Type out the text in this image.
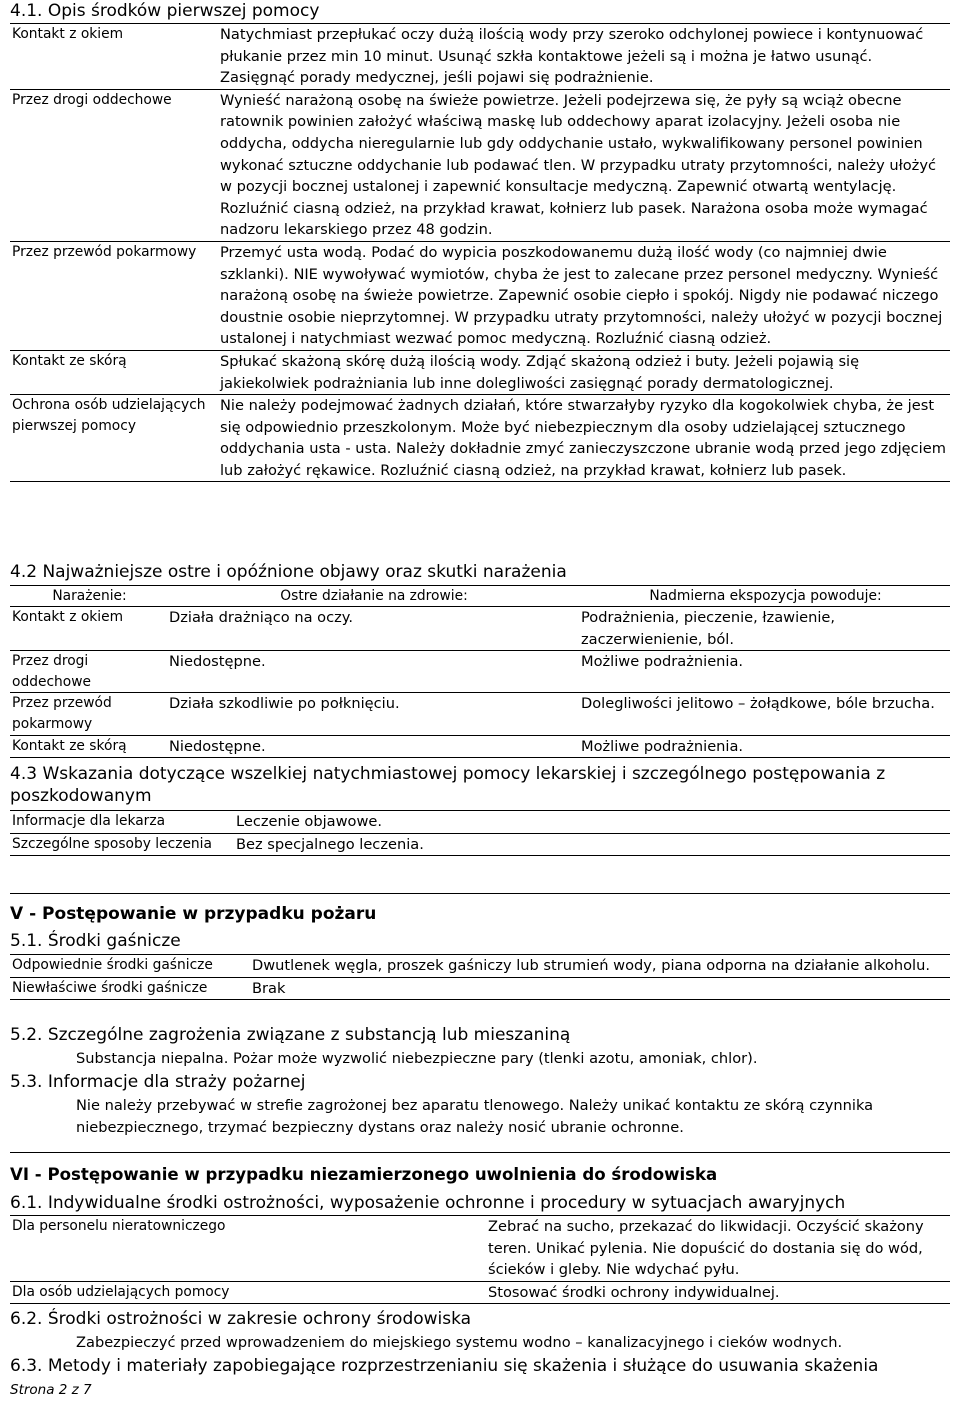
4.1. Opis środków pierwszej pomocy
Kontakt z okiem	Natychmiast przepłukać oczy dużą ilością wody przy szeroko odchylonej powiece i kontynuować płukanie przez min 10 minut. Usunąć szkła kontaktowe jeżeli są i można je łatwo usunąć. Zasięgnąć porady medycznej, jeśli pojawi się podrażnienie.
Przez drogi oddechowe	Wynieść narażoną osobę na świeże powietrze. Jeżeli podejrzewa się, że pyły są wciąż obecne ratownik powinien założyć właściwą maskę lub oddechowy aparat izolacyjny. Jeżeli osoba nie oddycha, oddycha nieregularnie lub gdy oddychanie ustało, wykwalifikowany personel powinien wykonać sztuczne oddychanie lub podawać tlen. W przypadku utraty przytomności, należy ułożyć w pozycji bocznej ustalonej i zapewnić konsultacje medyczną. Zapewnić otwartą wentylację. Rozluźnić ciasną odzież, na przykład krawat, kołnierz lub pasek. Narażona osoba może wymagać nadzoru lekarskiego przez 48 godzin.
Przez przewód pokarmowy	Przemyć usta wodą. Podać do wypicia poszkodowanemu dużą ilość wody (co najmniej dwie szklanki). NIE wywoływać wymiotów, chyba że jest to zalecane przez personel medyczny. Wynieść narażoną osobę na świeże powietrze. Zapewnić osobie ciepło i spokój. Nigdy nie podawać niczego doustnie osobie nieprzytomnej. W przypadku utraty przytomności, należy ułożyć w pozycji bocznej ustalonej i natychmiast wezwać pomoc medyczną. Rozluźnić ciasną odzież.
Kontakt ze skórą	Spłukać skażoną skórę dużą ilością wody. Zdjąć skażoną odzież i buty. Jeżeli pojawią się jakiekolwiek podrażniania lub inne dolegliwości zasięgnąć porady dermatologicznej.
Ochrona osób udzielających pierwszej pomocy	Nie należy podejmować żadnych działań, które stwarzałyby ryzyko dla kogokolwiek chyba, że jest się odpowiednio przeszkolonym. Może być niebezpiecznym dla osoby udzielającej sztucznego oddychania usta - usta. Należy dokładnie zmyć zanieczyszczone ubranie wodą przed jego zdjęciem lub założyć rękawice. Rozluźnić ciasną odzież, na przykład krawat, kołnierz lub pasek.
4.2 Najważniejsze ostre i opóźnione objawy oraz skutki narażenia
Narażenie:	Ostre działanie na zdrowie:	Nadmierna ekspozycja powoduje:
Kontakt z okiem	Działa drażniąco na oczy.	Podrażnienia, pieczenie, łzawienie, zaczerwienienie, ból.
Przez drogi oddechowe	Niedostępne.	Możliwe podrażnienia.
Przez przewód pokarmowy	Działa szkodliwie po połknięciu.	Dolegliwości jelitowo – żołądkowe, bóle brzucha.
Kontakt ze skórą	Niedostępne.	Możliwe podrażnienia.
4.3 Wskazania dotyczące wszelkiej natychmiastowej pomocy lekarskiej i szczególnego postępowania z poszkodowanym
Informacje dla lekarza	Leczenie objawowe.
Szczególne sposoby leczenia	Bez specjalnego leczenia.
V - Postępowanie w przypadku pożaru
5.1. Środki gaśnicze
Odpowiednie środki gaśnicze	Dwutlenek węgla, proszek gaśniczy lub strumień wody, piana odporna na działanie alkoholu.
Niewłaściwe środki gaśnicze	Brak
5.2. Szczególne zagrożenia związane z substancją lub mieszaniną
Substancja niepalna. Pożar może wyzwolić niebezpieczne pary (tlenki azotu, amoniak, chlor).
5.3. Informacje dla straży pożarnej
Nie należy przebywać w strefie zagrożonej bez aparatu tlenowego. Należy unikać kontaktu ze skórą czynnika niebezpiecznego, trzymać bezpieczny dystans oraz należy nosić ubranie ochronne.
VI - Postępowanie w przypadku niezamierzonego uwolnienia do środowiska
6.1. Indywidualne środki ostrożności, wyposażenie ochronne i procedury w sytuacjach awaryjnych
Dla personelu nieratowniczego	Zebrać na sucho, przekazać do likwidacji. Oczyścić skażony teren. Unikać pylenia. Nie dopuścić do dostania się do wód, ścieków i gleby. Nie wdychać pyłu.
Dla osób udzielających pomocy	Stosować środki ochrony indywidualnej.
6.2. Środki ostrożności w zakresie ochrony środowiska
Zabezpieczyć przed wprowadzeniem do miejskiego systemu wodno – kanalizacyjnego i cieków wodnych.
6.3. Metody i materiały zapobiegające rozprzestrzenianiu się skażenia i służące do usuwania skażenia
Strona 2 z 7
